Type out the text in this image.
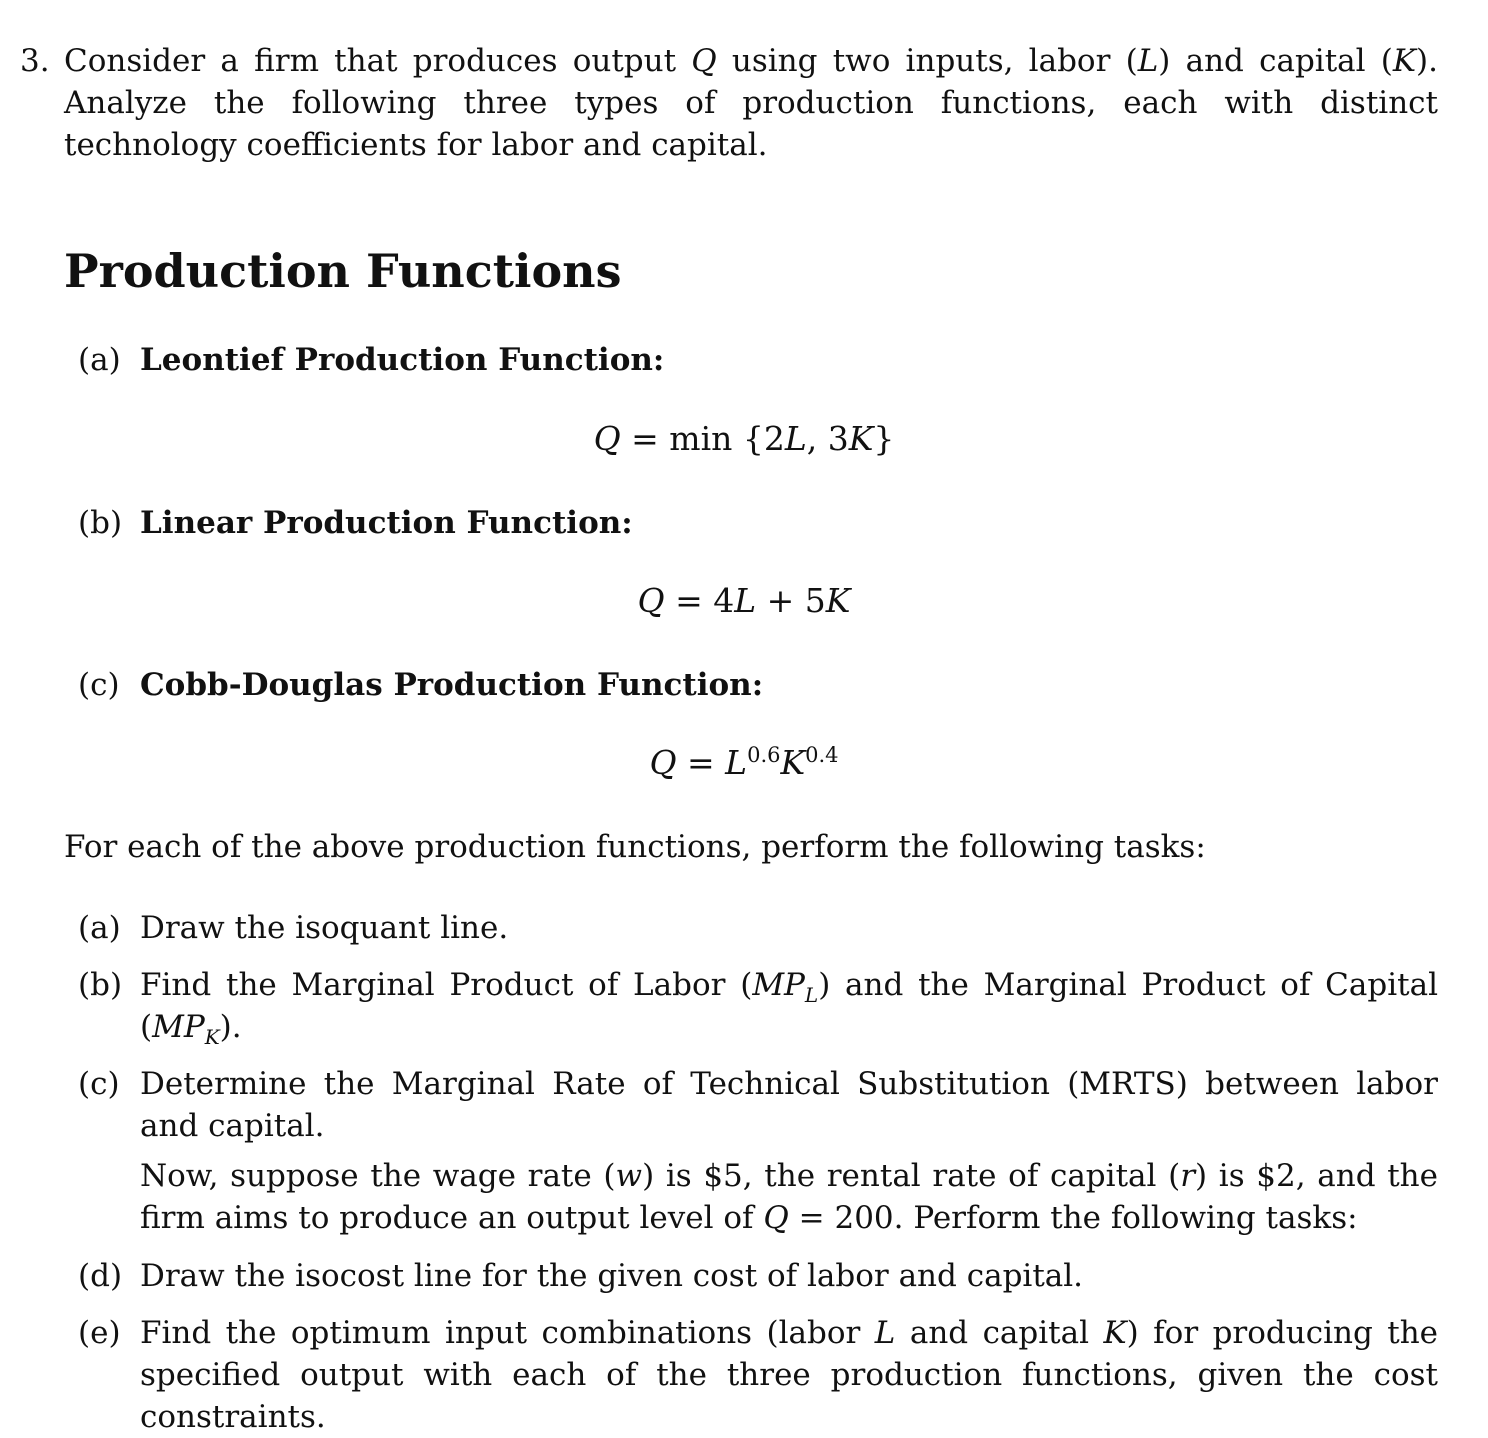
3. Consider a firm that produces output Q using two inputs, labor (L) and capital (K). Analyze the following three types of production functions, each with distinct technology coefficients for labor and capital.
Production Functions
(a) Leontief Production Function:
Q = min {2L, 3K}
(b) Linear Production Function:
Q = 4L + 5K
(c) Cobb-Douglas Production Function:
$Q = L^{0.6}K^{0.4}$
For each of the above production functions, perform the following tasks:
(a) Draw the isoquant line.
(b) Find the Marginal Product of Labor $(MP_L)$ and the Marginal Product of Capital $(MP_K)$.
(c) Determine the Marginal Rate of Technical Substitution (MRTS) between labor and capital.
Now, suppose the wage rate (w) is $5, the rental rate of capital (r) is $2, and the firm aims to produce an output level of Q = 200. Perform the following tasks:
(d) Draw the isocost line for the given cost of labor and capital.
(e) Find the optimum input combinations (labor L and capital K) for producing the specified output with each of the three production functions, given the cost constraints.
